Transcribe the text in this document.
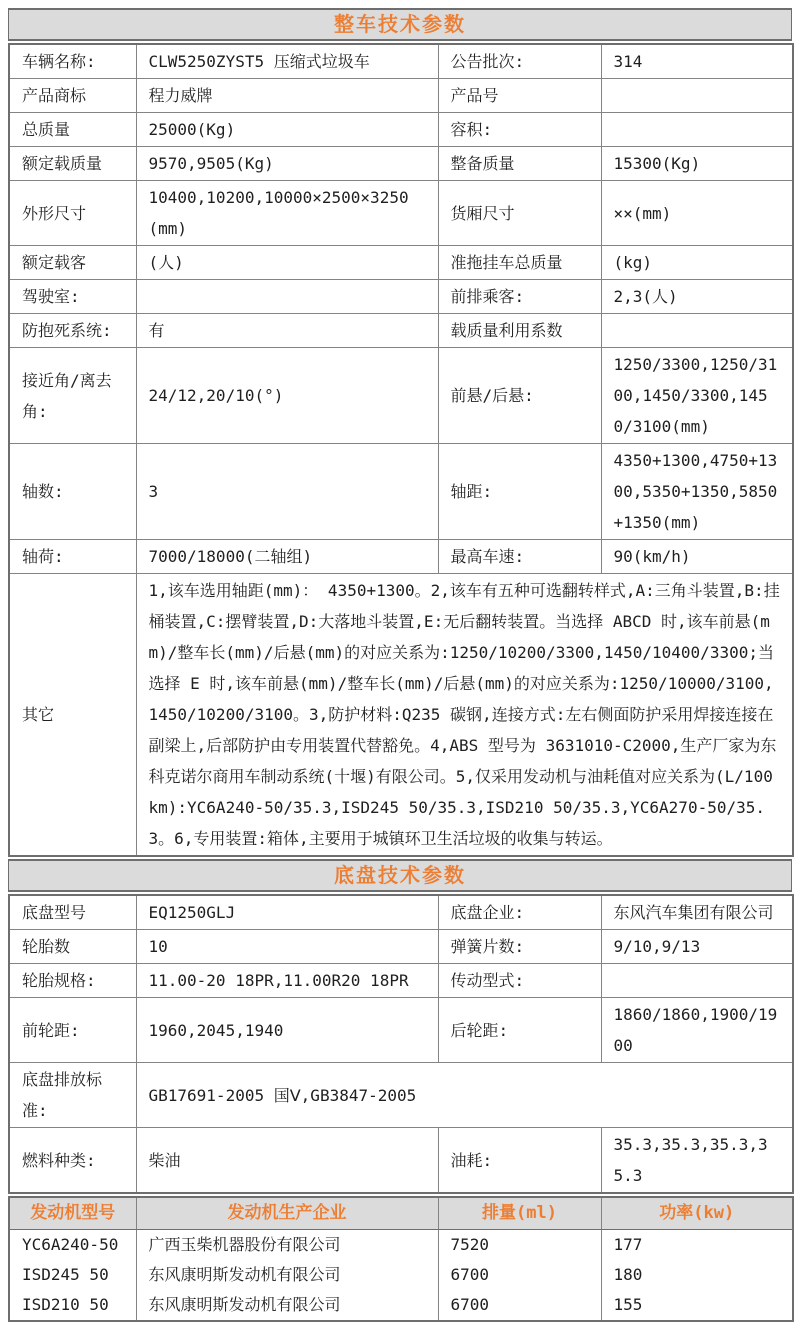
整车技术参数
车辆名称:	CLW5250ZYST5 压缩式垃圾车	公告批次:	314
产品商标	程力威牌	产品号	
总质量	25000(Kg)	容积:	
额定载质量	9570,9505(Kg)	整备质量	15300(Kg)
外形尺寸	10400,10200,10000×2500×3250(mm)	货厢尺寸	××(mm)
额定载客	(人)	准拖挂车总质量	(kg)
驾驶室:		前排乘客:	2,3(人)
防抱死系统:	有	载质量利用系数	
接近角/离去角:	24/12,20/10(°)	前悬/后悬:	1250/3300,1250/3100,1450/3300,1450/3100(mm)
轴数:	3	轴距:	4350+1300,4750+1300,5350+1350,5850+1350(mm)
轴荷:	7000/18000(二轴组)	最高车速:	90(km/h)
其它	1,该车选用轴距(mm)： 4350+1300。2,该车有五种可选翻转样式,A:三角斗装置,B:挂桶装置,C:摆臂装置,D:大落地斗装置,E:无后翻转装置。当选择 ABCD 时,该车前悬(mm)/整车长(mm)/后悬(mm)的对应关系为:1250/10200/3300,1450/10400/3300;当选择 E 时,该车前悬(mm)/整车长(mm)/后悬(mm)的对应关系为:1250/10000/3100,1450/10200/3100。3,防护材料:Q235 碳钢,连接方式:左右侧面防护采用焊接连接在副梁上,后部防护由专用装置代替豁免。4,ABS 型号为 3631010-C2000,生产厂家为东科克诺尔商用车制动系统(十堰)有限公司。5,仅采用发动机与油耗值对应关系为(L/100km):YC6A240-50/35.3,ISD245 50/35.3,ISD210 50/35.3,YC6A270-50/35.3。6,专用装置:箱体,主要用于城镇环卫生活垃圾的收集与转运。		
底盘技术参数
底盘型号	EQ1250GLJ	底盘企业:	东风汽车集团有限公司
轮胎数	10	弹簧片数:	9/10,9/13
轮胎规格:	11.00-20 18PR,11.00R20 18PR	传动型式:	
前轮距:	1960,2045,1940	后轮距:	1860/1860,1900/1900
底盘排放标准:	GB17691-2005 国Ⅴ,GB3847-2005		
燃料种类:	柴油	油耗:	35.3,35.3,35.3,35.3
发动机型号	发动机生产企业	排量(ml)	功率(kw)
YC6A240-50	广西玉柴机器股份有限公司	7520	177
ISD245 50	东风康明斯发动机有限公司	6700	180
ISD210 50	东风康明斯发动机有限公司	6700	155
